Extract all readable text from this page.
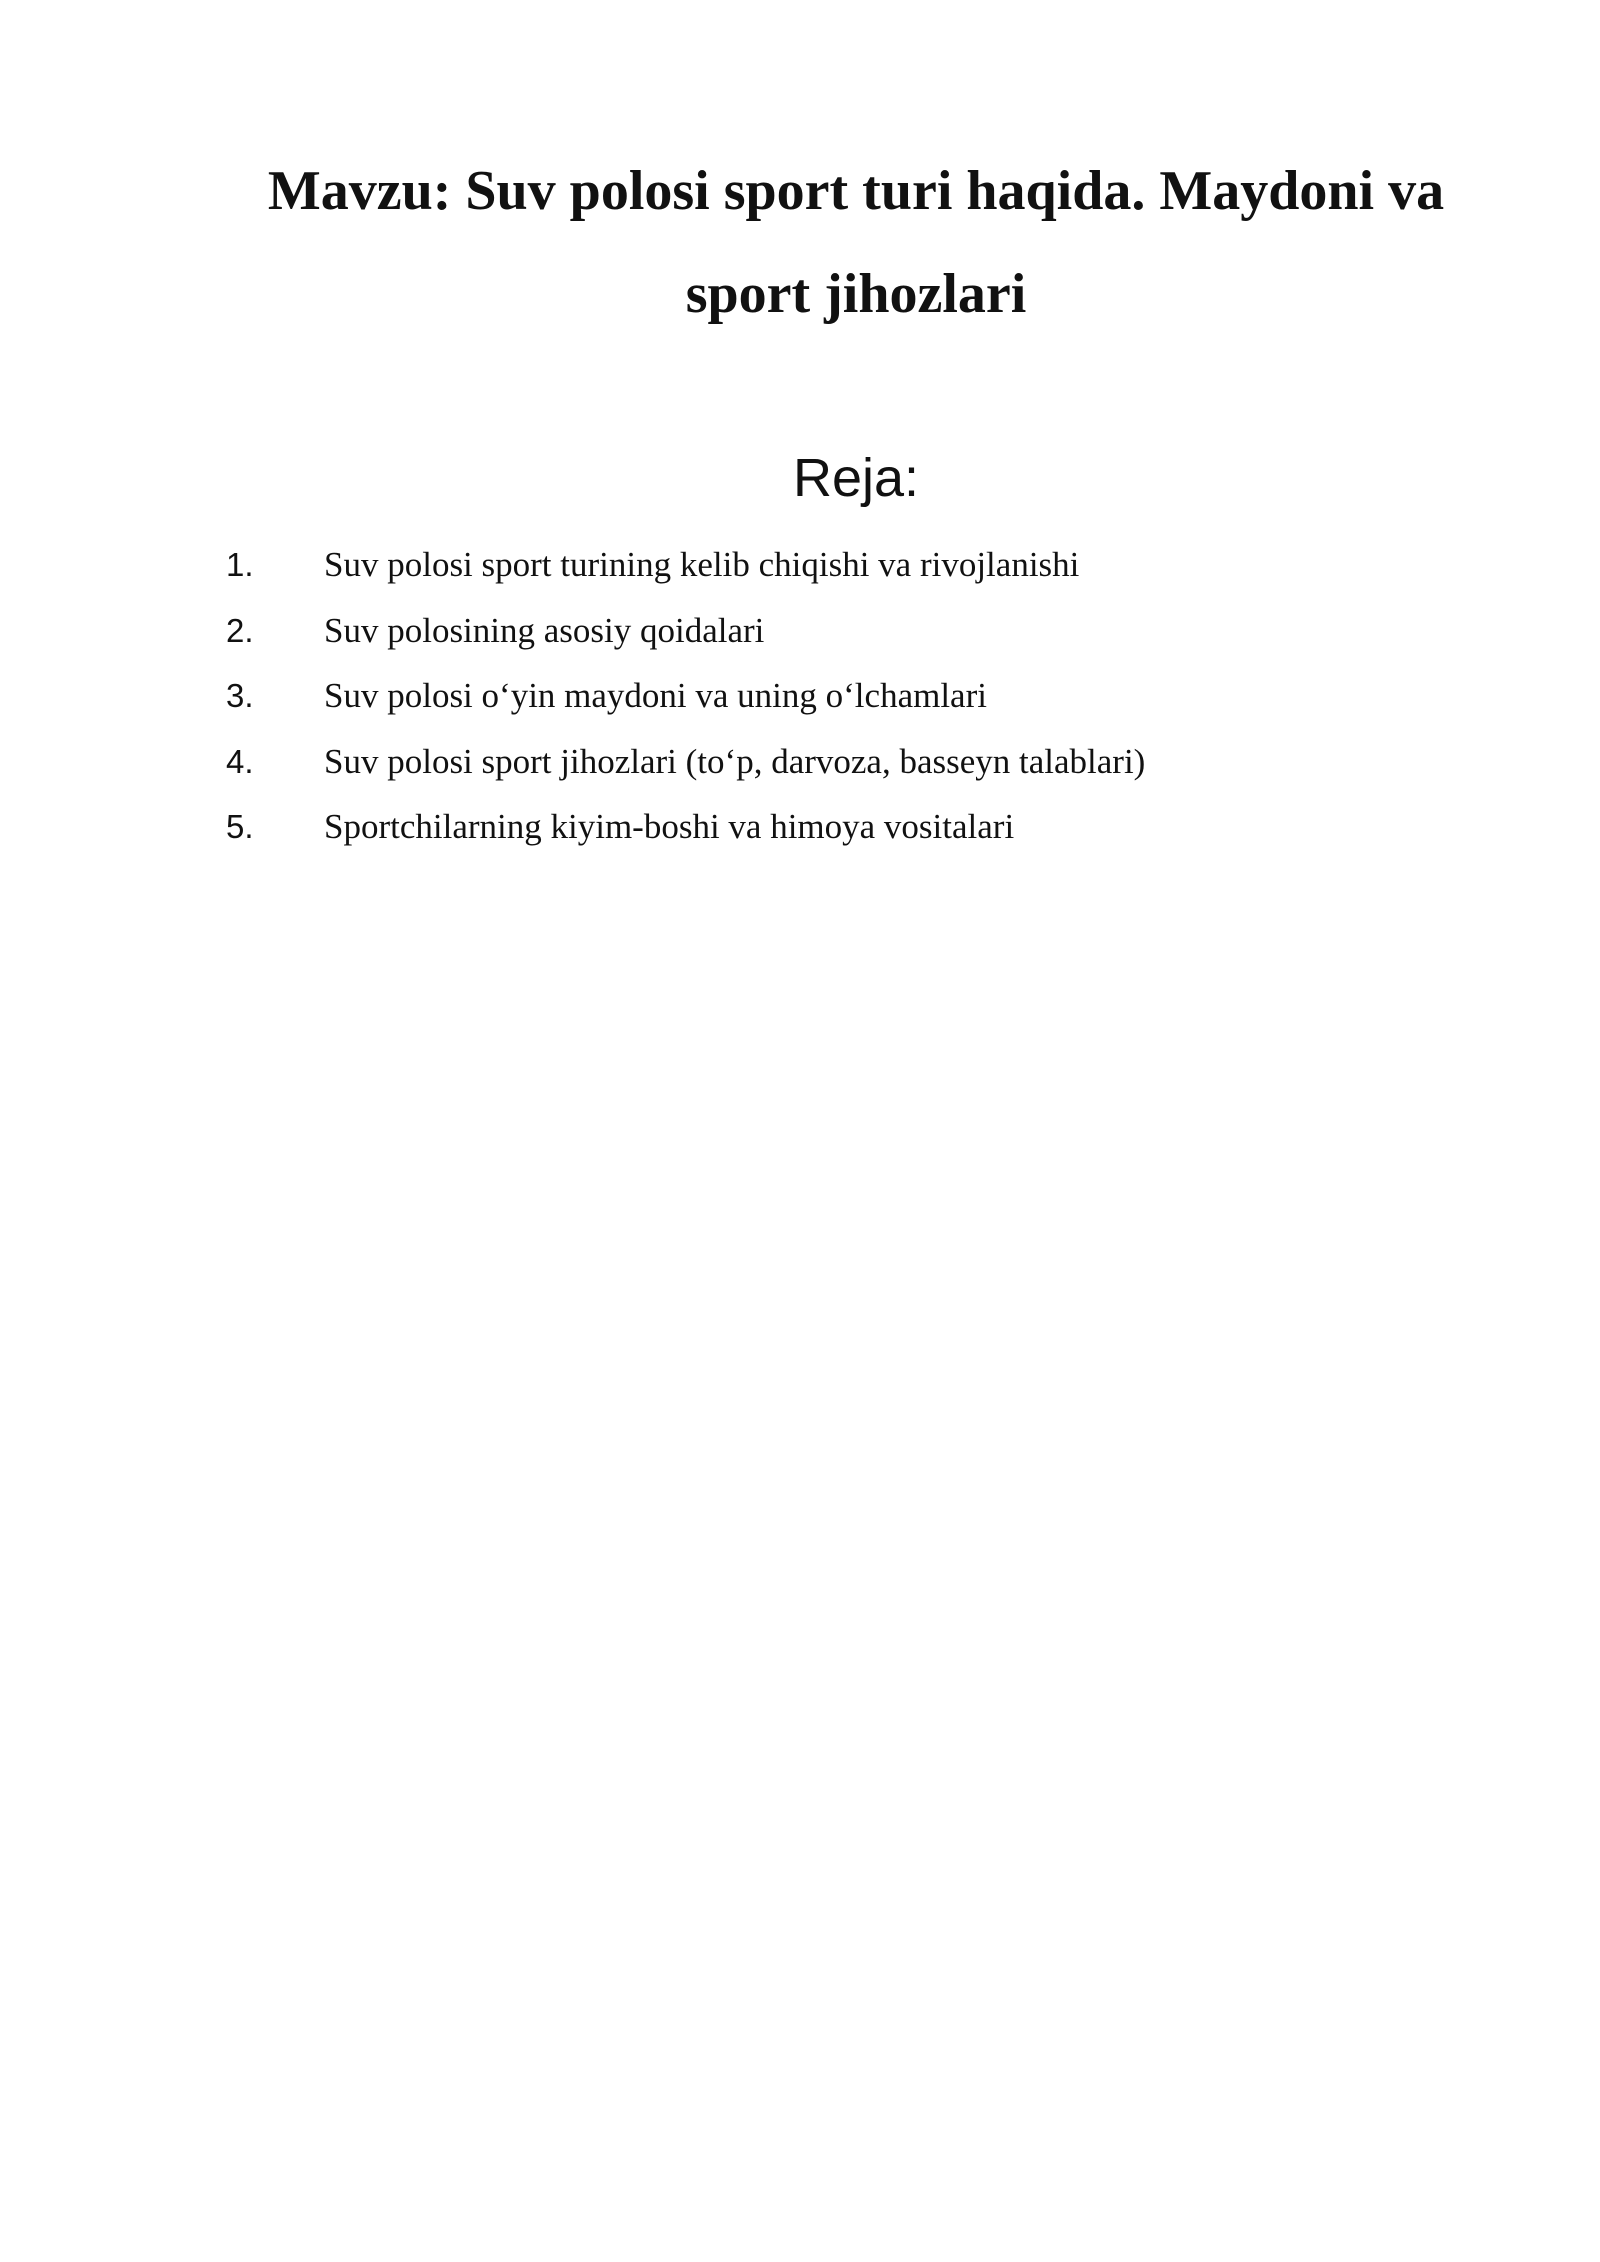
Mavzu: Suv polosi sport turi haqida. Maydoni va sport jihozlari
Reja:
1.	Suv polosi sport turining kelib chiqishi va rivojlanishi
2.	Suv polosining asosiy qoidalari
3.	Suv polosi o‘yin maydoni va uning o‘lchamlari
4.	Suv polosi sport jihozlari (to‘p, darvoza, basseyn talablari)
5.	Sportchilarning kiyim-boshi va himoya vositalari
